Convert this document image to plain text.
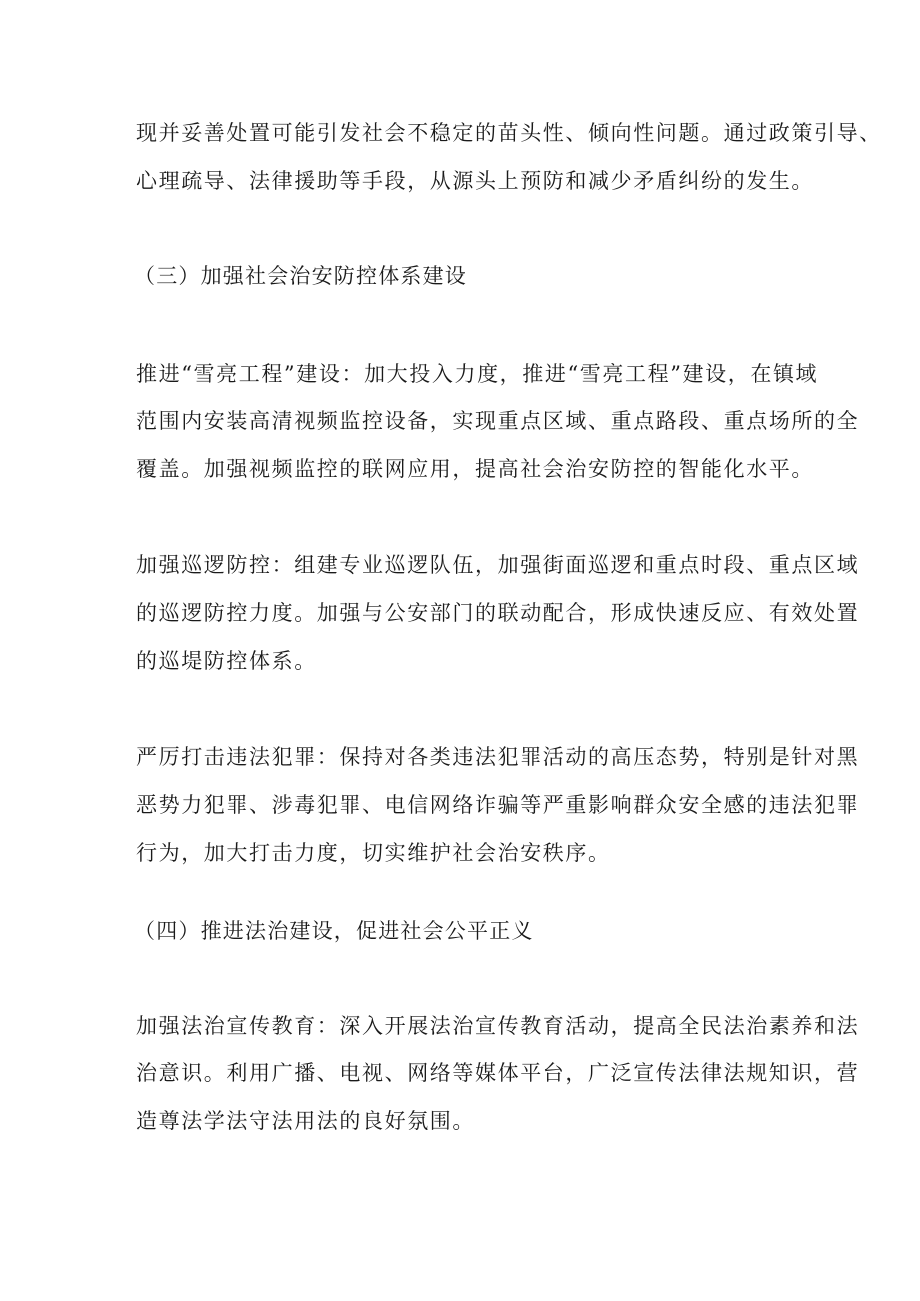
现并妥善处置可能引发社会不稳定的苗头性、倾向性问题。通过政策引导、
心理疏导、法律援助等手段，从源头上预防和减少矛盾纠纷的发生。
（三）加强社会治安防控体系建设
推进“雪亮工程”建设：加大投入力度，推进“雪亮工程”建设，在镇域
范围内安装高清视频监控设备，实现重点区域、重点路段、重点场所的全
覆盖。加强视频监控的联网应用，提高社会治安防控的智能化水平。
加强巡逻防控：组建专业巡逻队伍，加强街面巡逻和重点时段、重点区域
的巡逻防控力度。加强与公安部门的联动配合，形成快速反应、有效处置
的巡堤防控体系。
严厉打击违法犯罪：保持对各类违法犯罪活动的高压态势，特别是针对黑
恶势力犯罪、涉毒犯罪、电信网络诈骗等严重影响群众安全感的违法犯罪
行为，加大打击力度，切实维护社会治安秩序。
（四）推进法治建设，促进社会公平正义
加强法治宣传教育：深入开展法治宣传教育活动，提高全民法治素养和法
治意识。利用广播、电视、网络等媒体平台，广泛宣传法律法规知识，营
造尊法学法守法用法的良好氛围。
